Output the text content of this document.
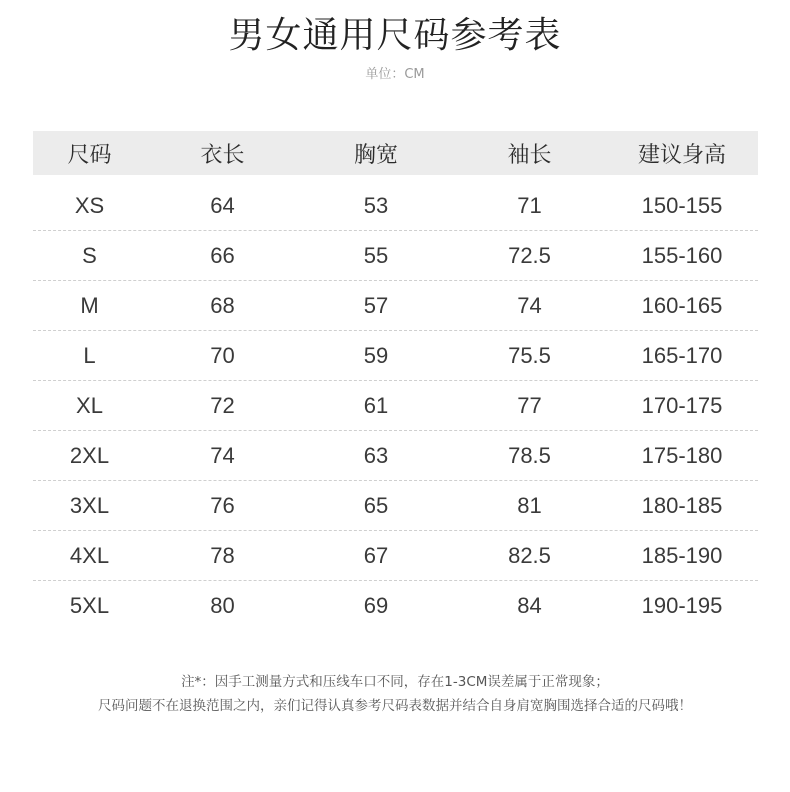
男女通用尺码参考表
单位：CM
尺码	衣长	胸宽	袖长	建议身高
XS	64	53	71	150-155
S	66	55	72.5	155-160
M	68	57	74	160-165
L	70	59	75.5	165-170
XL	72	61	77	170-175
2XL	74	63	78.5	175-180
3XL	76	65	81	180-185
4XL	78	67	82.5	185-190
5XL	80	69	84	190-195
注*：因手工测量方式和压线车口不同，存在1-3CM误差属于正常现象；
尺码问题不在退换范围之内，亲们记得认真参考尺码表数据并结合自身肩宽胸围选择合适的尺码哦！
